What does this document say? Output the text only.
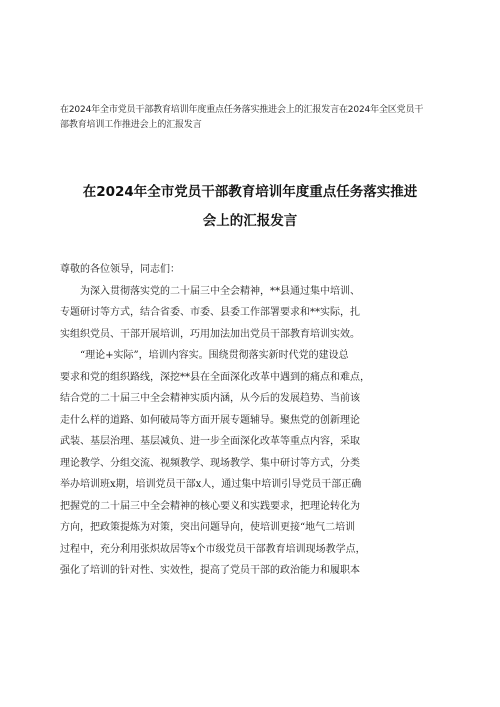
在2024年全市党员干部教育培训年度重点任务落实推进会上的汇报发言在2024年全区党员干
部教育培训工作推进会上的汇报发言
在2024年全市党员干部教育培训年度重点任务落实推进
会上的汇报发言
尊敬的各位领导，同志们：
　　为深入贯彻落实党的二十届三中全会精神，**县通过集中培训、
专题研讨等方式，结合省委、市委、县委工作部署要求和**实际，扎
实组织党员、干部开展培训，巧用加法加出党员干部教育培训实效。
　　“理论+实际”，培训内容实。围绕贯彻落实新时代党的建设总
要求和党的组织路线，深挖**县在全面深化改革中遇到的痛点和难点，
结合党的二十届三中全会精神实质内涵，从今后的发展趋势、当前该
走什么样的道路、如何破局等方面开展专题辅导。聚焦党的创新理论
武装、基层治理、基层减负、进一步全面深化改革等重点内容，采取
理论教学、分组交流、视频教学、现场教学、集中研讨等方式，分类
举办培训班x期，培训党员干部x人，通过集中培训引导党员干部正确
把握党的二十届三中全会精神的核心要义和实践要求，把理论转化为
方向，把政策提炼为对策，突出问题导向，使培训更接“地气二培训
过程中，充分利用张炽故居等x个市级党员干部教育培训现场教学点，
强化了培训的针对性、实效性，提高了党员干部的政治能力和履职本
